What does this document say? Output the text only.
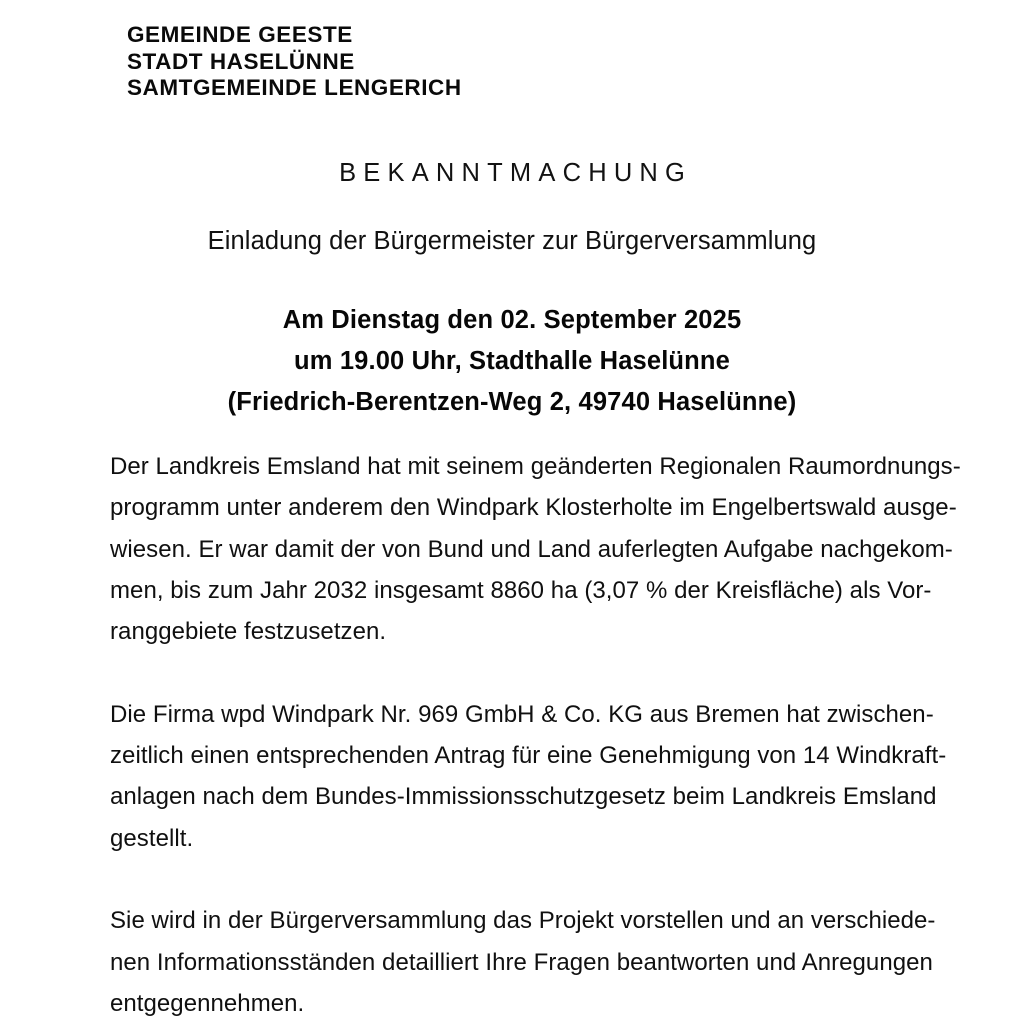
GEMEINDE GEESTE
STADT HASELÜNNE
SAMTGEMEINDE LENGERICH
BEKANNTMACHUNG
Einladung der Bürgermeister zur Bürgerversammlung
Am Dienstag den 02. September 2025
um 19.00 Uhr, Stadthalle Haselünne
(Friedrich-Berentzen-Weg 2, 49740 Haselünne)

Der Landkreis Emsland hat mit seinem geänderten Regionalen Raumordnungs-
programm unter anderem den Windpark Klosterholte im Engelbertswald ausge-
wiesen. Er war damit der von Bund und Land auferlegten Aufgabe nachgekom-
men, bis zum Jahr 2032 insgesamt 8860 ha (3,07 % der Kreisfläche) als Vor-
ranggebiete festzusetzen.

Die Firma wpd Windpark Nr. 969 GmbH & Co. KG aus Bremen hat zwischen-
zeitlich einen entsprechenden Antrag für eine Genehmigung von 14 Windkraft-
anlagen nach dem Bundes-Immissionsschutzgesetz beim Landkreis Emsland
gestellt.

Sie wird in der Bürgerversammlung das Projekt vorstellen und an verschiede-
nen Informationsständen detailliert Ihre Fragen beantworten und Anregungen
entgegennehmen.
